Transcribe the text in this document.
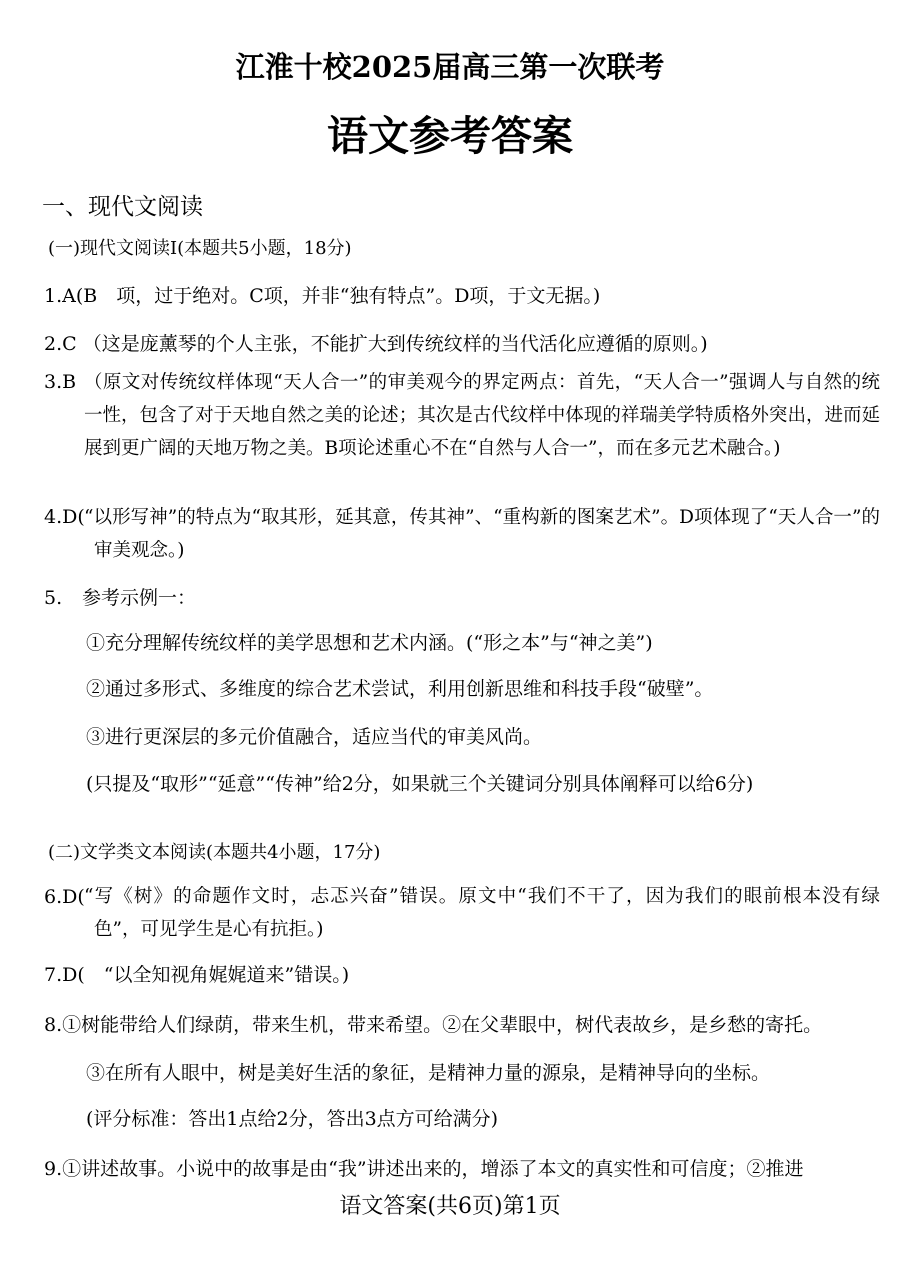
江淮十校2025届高三第一次联考
语文参考答案
一、现代文阅读
(一)现代文阅读Ⅰ(本题共5小题，18分)
1.A(B　项，过于绝对。C项，并非“独有特点”。D项，于文无据。)
2.C （这是庞薰琴的个人主张，不能扩大到传统纹样的当代活化应遵循的原则。)
3.B （原文对传统纹样体现“天人合一”的审美观今的界定两点：首先，“天人合一”强调人与自然的统一性，包含了对于天地自然之美的论述；其次是古代纹样中体现的祥瑞美学特质格外突出，进而延展到更广阔的天地万物之美。B项论述重心不在“自然与人合一”，而在多元艺术融合。)
4.D( “以形写神”的特点为“取其形，延其意，传其神”、“重构新的图案艺术”。D项体现了“天人合一”的审美观念。)
5. 参考示例一：
①充分理解传统纹样的美学思想和艺术内涵。(“形之本”与“神之美”)
②通过多形式、多维度的综合艺术尝试，利用创新思维和科技手段“破壁”。
③进行更深层的多元价值融合，适应当代的审美风尚。
(只提及“取形”“延意”“传神”给2分，如果就三个关键词分别具体阐释可以给6分)
(二)文学类文本阅读(本题共4小题，17分)
6.D( “写《树》的命题作文时，忐忑兴奋”错误。原文中“我们不干了，因为我们的眼前根本没有绿色”，可见学生是心有抗拒。)
7.D(　“以全知视角娓娓道来”错误。)
8.①树能带给人们绿荫，带来生机，带来希望。②在父辈眼中，树代表故乡，是乡愁的寄托。
③在所有人眼中，树是美好生活的象征，是精神力量的源泉，是精神导向的坐标。
(评分标准：答出1点给2分，答出3点方可给满分)
9.①讲述故事。小说中的故事是由“我”讲述出来的，增添了本文的真实性和可信度；②推进
语文答案(共6页)第1页
